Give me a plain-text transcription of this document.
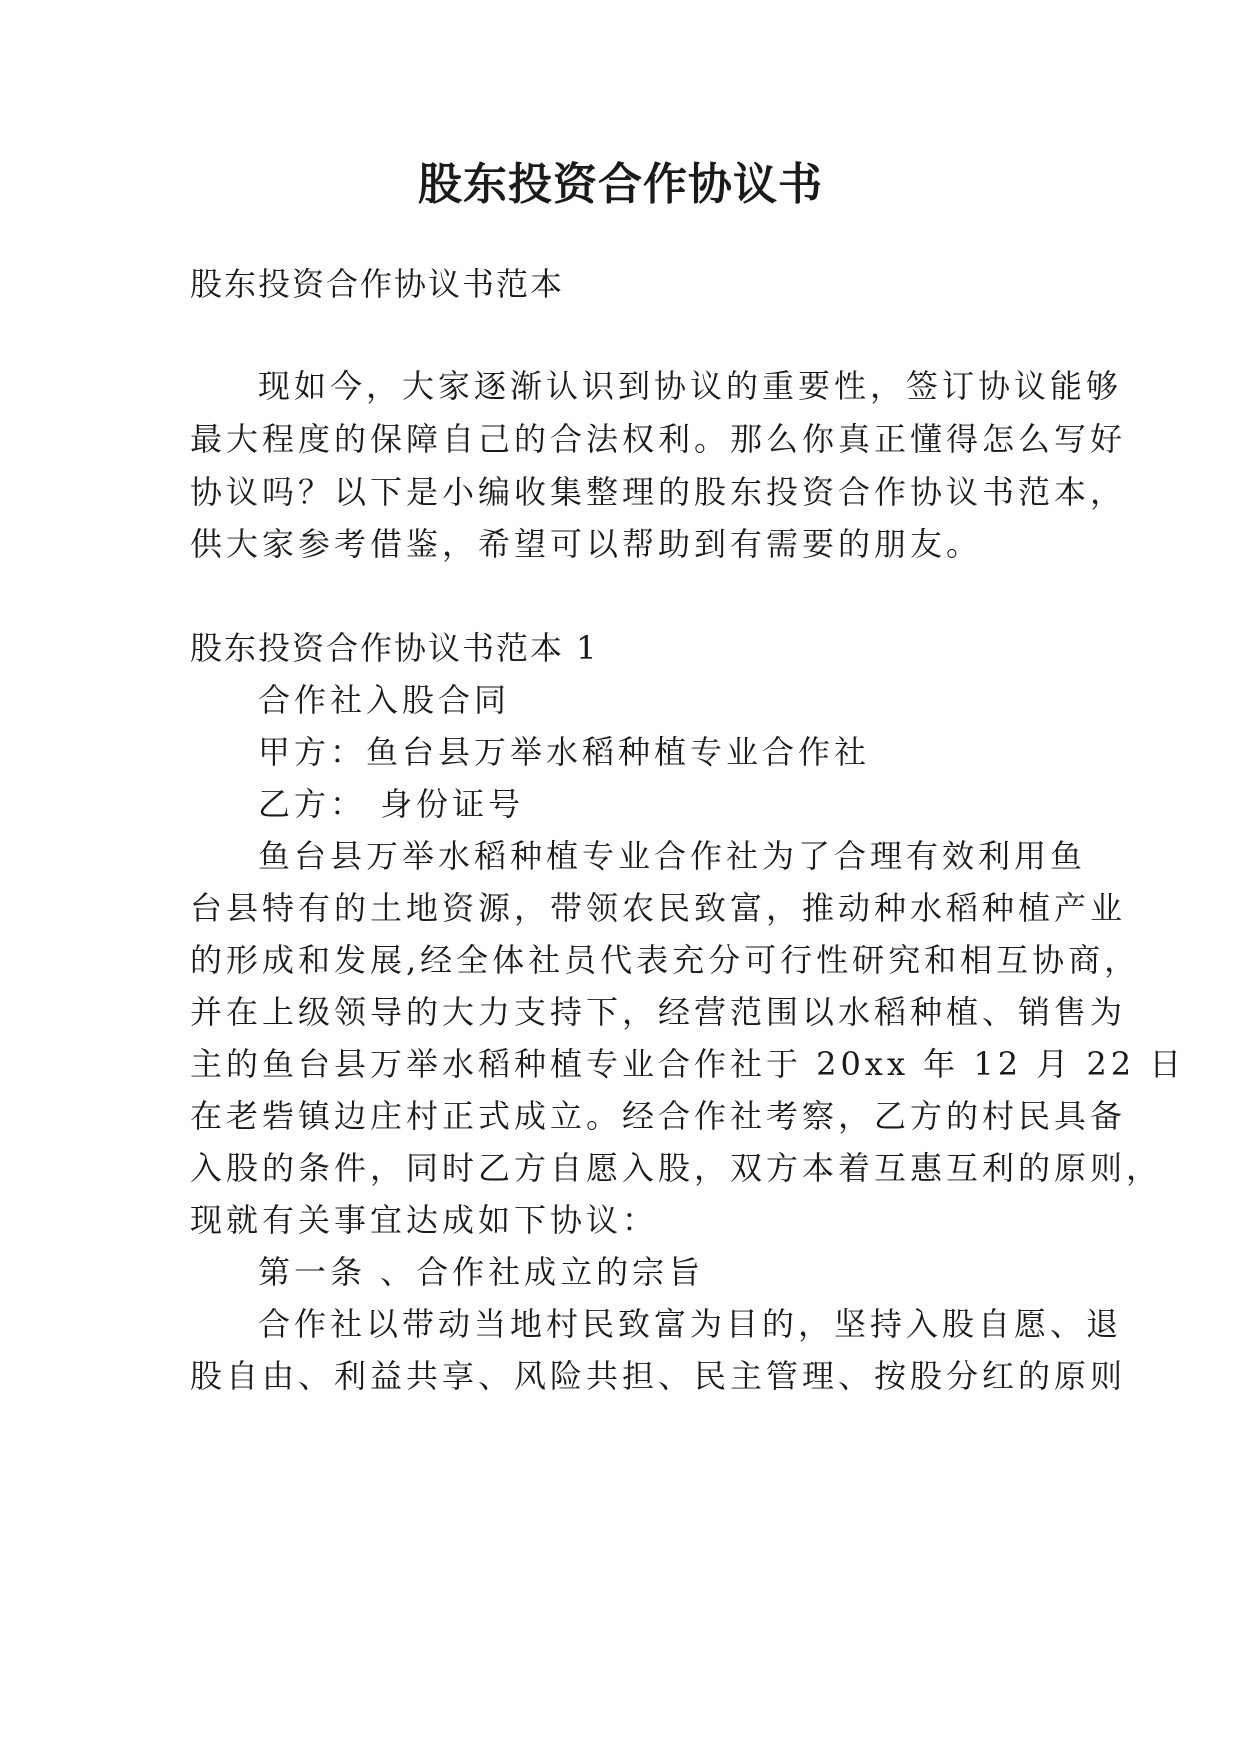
股东投资合作协议书
股东投资合作协议书范本
现如今，大家逐渐认识到协议的重要性，签订协议能够
最大程度的保障自己的合法权利。那么你真正懂得怎么写好
协议吗？以下是小编收集整理的股东投资合作协议书范本，
供大家参考借鉴，希望可以帮助到有需要的朋友。
股东投资合作协议书范本 1
合作社入股合同
甲方：鱼台县万举水稻种植专业合作社
乙方： 身份证号
鱼台县万举水稻种植专业合作社为了合理有效利用鱼
台县特有的土地资源，带领农民致富，推动种水稻种植产业
的形成和发展,经全体社员代表充分可行性研究和相互协商，
并在上级领导的大力支持下，经营范围以水稻种植、销售为
主的鱼台县万举水稻种植专业合作社于 20xx 年 12 月 22 日
在老砦镇边庄村正式成立。经合作社考察，乙方的村民具备
入股的条件，同时乙方自愿入股，双方本着互惠互利的原则，
现就有关事宜达成如下协议：
第一条 、合作社成立的宗旨
合作社以带动当地村民致富为目的，坚持入股自愿、退
股自由、利益共享、风险共担、民主管理、按股分红的原则
